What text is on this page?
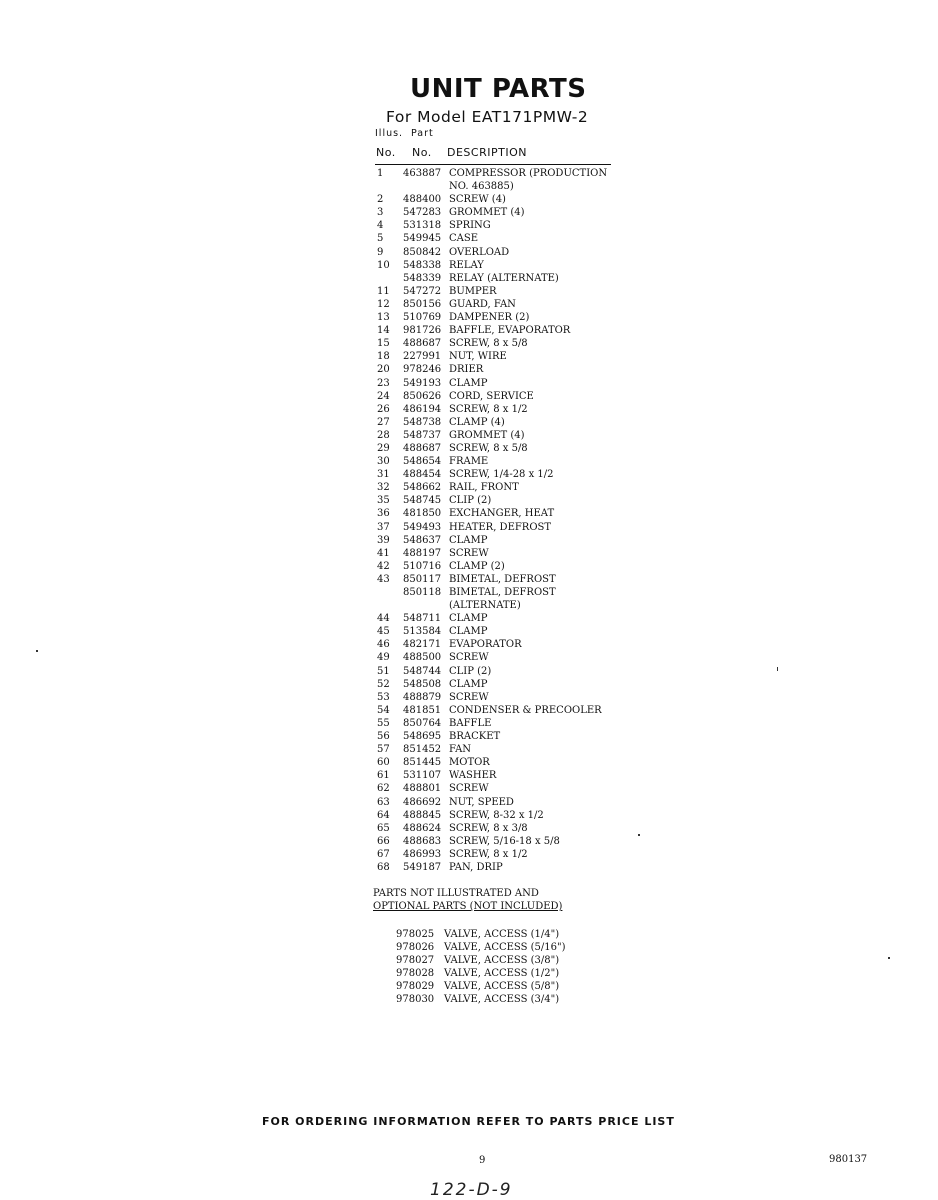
UNIT PARTS
For Model EAT171PMW-2
Illus. Part
No. No. DESCRIPTION
1 463887 COMPRESSOR (PRODUCTION
NO. 463885)
2 488400 SCREW (4)
3 547283 GROMMET (4)
4 531318 SPRING
5 549945 CASE
9 850842 OVERLOAD
10 548338 RELAY
548339 RELAY (ALTERNATE)
11 547272 BUMPER
12 850156 GUARD, FAN
13 510769 DAMPENER (2)
14 981726 BAFFLE, EVAPORATOR
15 488687 SCREW, 8 x 5/8
18 227991 NUT, WIRE
20 978246 DRIER
23 549193 CLAMP
24 850626 CORD, SERVICE
26 486194 SCREW, 8 x 1/2
27 548738 CLAMP (4)
28 548737 GROMMET (4)
29 488687 SCREW, 8 x 5/8
30 548654 FRAME
31 488454 SCREW, 1/4-28 x 1/2
32 548662 RAIL, FRONT
35 548745 CLIP (2)
36 481850 EXCHANGER, HEAT
37 549493 HEATER, DEFROST
39 548637 CLAMP
41 488197 SCREW
42 510716 CLAMP (2)
43 850117 BIMETAL, DEFROST
850118 BIMETAL, DEFROST
(ALTERNATE)
44 548711 CLAMP
45 513584 CLAMP
46 482171 EVAPORATOR
49 488500 SCREW
51 548744 CLIP (2)
52 548508 CLAMP
53 488879 SCREW
54 481851 CONDENSER & PRECOOLER
55 850764 BAFFLE
56 548695 BRACKET
57 851452 FAN
60 851445 MOTOR
61 531107 WASHER
62 488801 SCREW
63 486692 NUT, SPEED
64 488845 SCREW, 8-32 x 1/2
65 488624 SCREW, 8 x 3/8
66 488683 SCREW, 5/16-18 x 5/8
67 486993 SCREW, 8 x 1/2
68 549187 PAN, DRIP
PARTS NOT ILLUSTRATED AND
OPTIONAL PARTS (NOT INCLUDED)
978025 VALVE, ACCESS (1/4")
978026 VALVE, ACCESS (5/16")
978027 VALVE, ACCESS (3/8")
978028 VALVE, ACCESS (1/2")
978029 VALVE, ACCESS (5/8")
978030 VALVE, ACCESS (3/4")
FOR ORDERING INFORMATION REFER TO PARTS PRICE LIST
9	980137
122-D-9
